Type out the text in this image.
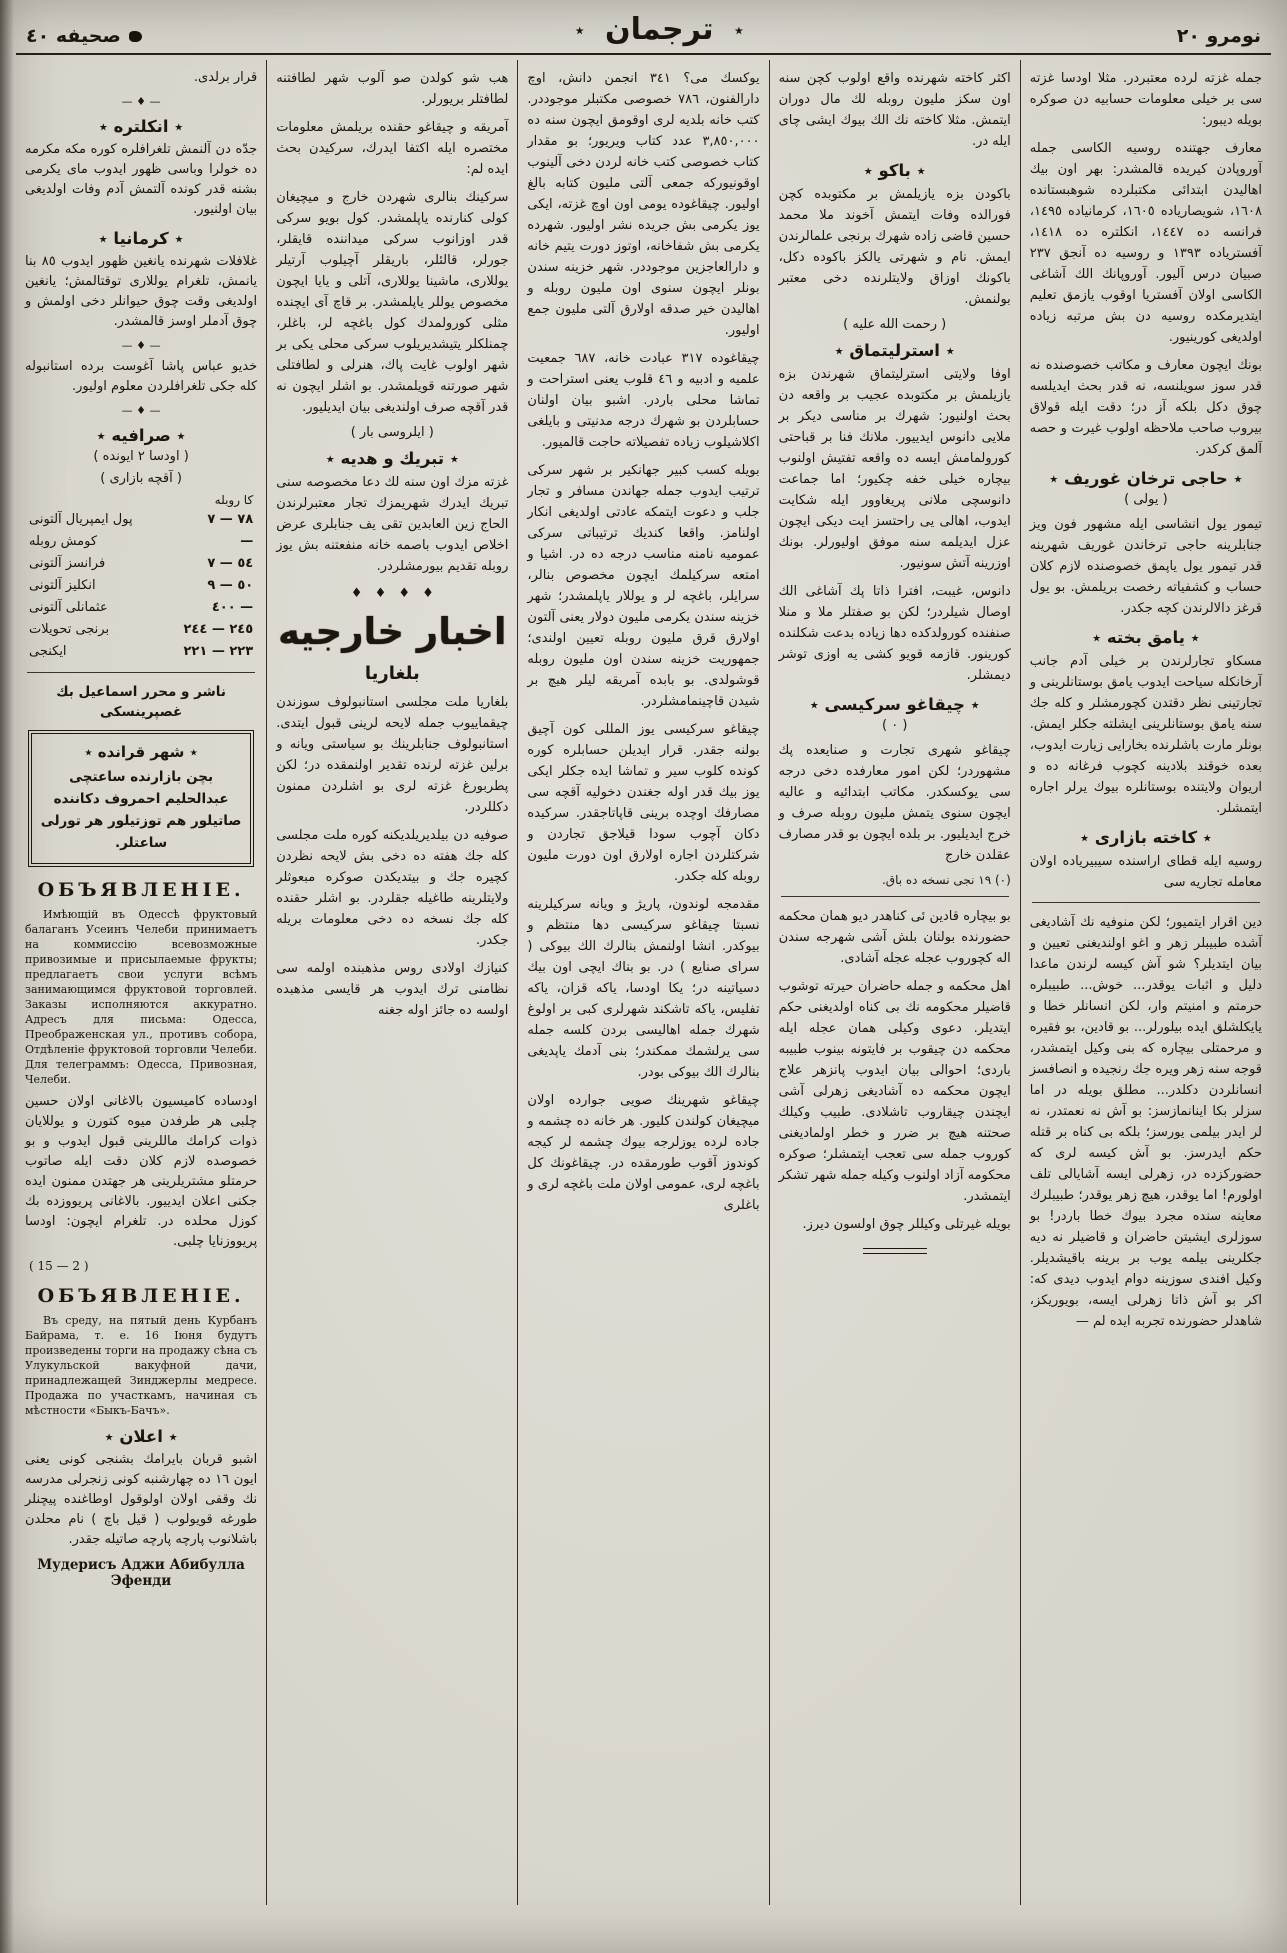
نومرو ٢٠
٭ ترجمان ٭
صحيفه ٤٠

جمله غزته لرده معتبردر. مثلا اودسا غزته سى بر خيلى معلومات حسابيه دن صوكره بويله ديبور:

معارف جهتنده روسيه الكاسى جمله آوروپادن كيريده قالمشدر: بهر اون بيك اهاليدن ابتدائى مكتبلرده شوهبستانده ١٦٠٨، شويصارياده ١٦٠٥، كرمانياده ١٤٩٥، فرانسه ده ١٤٤٧، انكلتره ده ١٤١٨، آفستریاده ١٣٩٣ و روسيه ده آنجق ٢٣٧ صبيان درس آليور. آوروپانك الك آشاغى الكاسى اولان آفستريا اوقوب يازمق تعليم ايتديرمكده روسيه دن بش مرتبه زياده اولديغى كورينيور.

بونك ايچون معارف و مكاتب خصوصنده نه قدر سوز سويلنسه، نه قدر بحث ايديلسه چوق دكل بلكه آز در؛ دقت ايله قولاق بيروب صاحب ملاحظه اولوب غيرت و حصه آلمق كركدر.

٭ حاجى ترخان غوريف ٭
( يولى )

تيمور يول انشاسى ايله مشهور فون ويز جنابلرينه حاجى ترخاندن غوريف شهرينه قدر تيمور يول ياپمق خصوصنده لازم كلان حساب و كشفياته رخصت بريلمش. بو يول قرغز دالالرندن كچه جكدر.

٭ يامق بخته ٭

مسكاو تجارلرندن بر خيلى آدم جانب آرخانكله سياحت ايدوب يامق بوستانلرينى و تجارتينى نظر دقتدن كچورمشلر و كله جك سنه يامق بوستانلرينى ايشلته جكلر ايمش. بونلر مارت باشلرنده بخارايى زيارت ايدوب، بعده خوقند بلادينه كچوب فرغانه ده و اريوان ولايتنده بوستانلره بيوك يرلر اجاره ايتمشلر.

٭ كاخته بازارى ٭

روسيه ايله قطاى اراسنده سيبيرياده اولان معامله تجاريه سى

دين اقرار ايتميور؛ لكن منوفيه نك آشاديغى آشده طبيبلر زهر و اغو اولنديغنى تعيين و بيان ايتديلر؟ شو آش كيسه لرندن ماعدا دليل و اثبات يوقدر... خوش... طبيبلره حرمتم و امنيتم وار، لكن انسانلر خطا و يايكلشلق ايده بيلورلر... بو قادين، بو فقيره و مرحمتلى بيچاره كه بنى وكيل ايتمشدر، قوجه سنه زهر ويره جك رنجيده و انصافسز انسانلردن دكلدر... مطلق بويله در اما سزلر بكا اينانمازسز: بو آش نه نعمتدر، نه لر ايدر بيلمى يورسز؛ بلكه بى كناه بر قتله حكم ايدرسز. بو آش كيسه لرى كه حضوركزده در، زهرلى ايسه آشايالى تلف اولورم! اما يوقدر، هيچ زهر يوقدر؛ طبيبلرك معاينه سنده مجرد بيوك خطا باردر! بو سوزلرى ايشيتن حاضران و قاضيلر نه ديه جكلرينى بيلمه يوب بر برينه باقيشديلر. وكيل افندى سوزينه دوام ايدوب ديدى كه: اكر بو آش ذاتا زهرلى ايسه، بويوريكز، شاهدلر حضورنده تجربه ايده لم —

اكثر كاخته شهرنده واقع اولوب كچن سنه اون سكز مليون روبله لك مال دوران ايتمش. مثلا كاخته نك الك بيوك ايشى چاى ايله در.

٭ باكو ٭

باكودن بزه يازيلمش بر مكتوبده كچن فورالده وفات ايتمش آخوند ملا محمد حسين قاضى زاده شهرك برنجى علمالرندن ايمش. نام و شهرتى يالكز باكوده دكل، باكونك اوزاق ولايتلرنده دخى معتبر بولنمش.

( رحمت الله عليه )
٭ استرليتماق ٭

اوفا ولايتى استرليتماق شهرندن بزه يازيلمش بر مكتوبده عجيب بر واقعه دن بحث اولنيور: شهرك بر مناسى ديكر بر ملايى دانوس ايدييور. ملانك فنا بر قباحتى كورولمامش ايسه ده واقعه تفتيش اولنوب بيچاره خيلى خفه چكيور؛ اما جماعت دانوسچى ملانى پريغاوور ايله شكايت ايدوب، اهالى يى راحتسز ايت ديكى ايچون عزل ايديلمه سنه موفق اوليورلر. بونك اوزرينه آتش سونيور.

دانوس، غيبت، افترا ذاتا پك آشاغى الك اوصال شيلردر؛ لكن بو صفتلر ملا و منلا صنفنده كورولدكده دها زياده بدعت شكلنده كورينور. قازمه قويو كشى يه اوزى توشر ديمشلر.

٭ چيقاغو سركيسى ٭
( ٠ )

چيقاغو شهرى تجارت و صنايعده پك مشهوردر؛ لكن امور معارفده دخى درجه سى يوكسكدر. مكاتب ابتدائيه و عاليه ايچون سنوى يتمش مليون روبله صرف و خرج ايديليور. بر بلده ايچون بو قدر مصارف عقلدن خارج

(٠) ١٩ نجى نسخه ده باق.

بو بيچاره قادين ئى كناهدر ديو همان محكمه حضورنده بولنان بلش آشى شهرجه سندن اله كچوروب عجله عجله آشادى.

اهل محكمه و جمله حاضران حيرته توشوب قاضيلر محكومه نك بى كناه اولديغنى حكم ايتديلر. دعوى وكيلى همان عجله ايله محكمه دن چيقوب بر فايتونه بينوب طبيبه باردى؛ احوالى بيان ايدوب پانزهر علاج ايچون محكمه ده آشاديغى زهرلى آشى ايچندن چيقاروب تاشلادى. طبيب وكيلك صحتنه هيچ بر ضرر و خطر اولماديغنى كوروب جمله سى تعجب ايتمشلر؛ صوكره محكومه آزاد اولنوب وكيله جمله شهر تشكر ايتمشدر.

بويله غيرتلى وكيللر چوق اولسون ديرز.

يوكسك مى؟ ٣٤١ انجمن دانش، اوچ دارالفنون، ٧٨٦ خصوصى مكتبلر موجوددر. كتب خانه بلديه لرى اوقومق ايچون سنه ده ٣,٨٥٠,٠٠٠ عدد كتاب ويريور؛ بو مقدار كتاب خصوصى كتب خانه لردن دخى آلينوب اوقونيوركه جمعى آلتى مليون كتابه بالغ اوليور. چيقاغوده يومى اون اوچ غزته، ايكى يوز يكرمى بش جريده نشر اوليور. شهرده يكرمى بش شفاخانه، اوتوز دورت يتيم خانه و دارالعاجزين موجوددر. شهر خزينه سندن بونلر ايچون سنوى اون مليون روبله و اهاليدن خير صدقه اولارق آلتى مليون جمع اوليور.

چيقاغوده ٣١٧ عبادت خانه، ٦٨٧ جمعيت علميه و ادبيه و ٤٦ قلوب يعنى استراحت و تماشا محلى باردر. اشبو بيان اولنان حسابلردن بو شهرك درجه مدنيتى و بايلغى اكلاشيلوب زياده تفصيلاته حاجت قالميور.

بويله كسب كبير جهانكير بر شهر سركى ترتيب ايدوب جمله جهاندن مسافر و تجار جلب و دعوت ايتمكه عادتى اولديغى انكار اولنامز. واقعا كنديك ترتيباتى سركى عموميه نامنه مناسب درجه ده در. اشيا و امتعه سركيلمك ايچون مخصوص بنالر، سرايلر، باغچه لر و يوللار ياپلمشدر؛ شهر خزينه سندن يكرمى مليون دولار يعنى آلتون اولارق قرق مليون روبله تعيين اولندى؛ جمهوريت خزينه سندن اون مليون روبله قوشولدى. بو بابده آمريقه ليلر هيچ بر شيدن قاچينمامشلردر.

چيقاغو سركيسى يوز المللى كون آچيق بولنه جقدر. قرار ايديلن حسابلره كوره كونده كلوب سير و تماشا ايده جكلر ايكى يوز بيك قدر اوله جغندن دخوليه آقچه سى مصارفك اوچده برينى قاپاتاجقدر. سركيده دكان آچوب سودا قيلاجق تجاردن و شركتلردن اجاره اولارق اون دورت مليون روبله كله جكدر.

مقدمجه لوندون، پاريژ و ويانه سركيلرينه نسبتا چيقاغو سركيسى دها منتظم و بيوكدر. انشا اولنمش بنالرك الك بيوكى ( سراى صنايع ) در. بو بناك ايچى اون بيك دسياتينه در؛ يكا اودسا، ياكه قزان، ياكه تفليس، ياكه تاشكند شهرلرى كبى بر اولوغ شهرك جمله اهاليسى بردن كلسه جمله سى يرلشمك ممكندر؛ بنى آدمك ياپديغى بنالرك الك بيوكى بودر.

چيقاغو شهرينك صويى جوارده اولان ميچيغان كولندن كليور. هر خانه ده چشمه و جاده لرده يوزلرجه بيوك چشمه لر كيجه كوندوز آقوب طورمقده در. چيقاغونك كل باغچه لرى، عمومى اولان ملت باغچه لرى و باغلرى

هب شو كولدن صو آلوب شهر لطافتنه لطافتلر بريورلر.

آمريقه و چيقاغو حقنده بريلمش معلومات مختصره ايله اكتفا ايدرك، سركيدن بحث ايده لم:

سركينك بنالرى شهردن خارج و ميچيغان كولى كنارنده ياپلمشدر. كول بويو سركى قدر اوزانوب سركى ميداننده قايقلر، جورلر، قالئلر، باريقلر آچيلوب آرتيلر يوللارى، ماشينا يوللارى، آتلى و يايا ايچون مخصوص يوللر ياپلمشدر. بر قاچ آى ايچنده مثلى كورولمدك كول باغچه لر، باغلر، چمنلكلر يتيشديريلوب سركى محلى يكى بر شهر اولوب غايت پاك، هنرلى و لطافتلى شهر صورتنه قويلمشدر. بو اشلر ايچون نه قدر آقچه صرف اولنديغى بيان ايديليور.

( ايلروسى بار )
٭ تبريك و هديه ٭

غزته مزك اون سنه لك دعا مخصوصه سنى تبريك ايدرك شهريمزك تجار معتبرلرندن الحاج زين العابدين تقى يف جنابلرى عرض اخلاص ايدوب باصمه خانه منفعتنه بش يوز روبله تقديم بيورمشلردر.

♦ ♦ ♦ ♦
اخبار خارجيه
بلغاريا

بلغاريا ملت مجلسى استانبولوف سوزندن چيقماييوب جمله لايحه لرينى قبول ايتدى. استانبولوف جنابلرينك بو سياستى ويانه و برلين غزته لرنده تقدير اولنمقده در؛ لكن پطربورغ غزته لرى بو اشلردن ممنون دكللردر.

صوفيه دن بيلديريلديكنه كوره ملت مجلسى كله جك هفته ده دخى بش لايحه نظردن كچيره جك و بيتديكدن صوكره مبعوثلر ولايتلرينه طاغيله جقلردر. بو اشلر حقنده كله جك نسخه ده دخى معلومات بريله جكدر.

كنيازك اولادى روس مذهبنده اولمه سى نظامنى ترك ايدوب هر قايسى مذهبده اولسه ده جائز اوله جغنه

قرار برلدى.

— ♦ —
٭ انكلتره ٭

جدّه دن آلنمش تلغرافلره كوره مكه مكرمه ده خولرا وباسى ظهور ايدوب ماى يكرمى بشنه قدر كونده آلتمش آدم وفات اولديغى بيان اولنيور.

٭ كرمانيا ٭

غلافلات شهرنده يانغين ظهور ايدوب ٨٥ بنا يانمش، تلغرام يوللارى توقتالمش؛ يانغين اولديغى وقت چوق حيوانلر دخى اولمش و چوق آدملر اوسز قالمشدر.

— ♦ —

خديو عباس پاشا آغوست برده استانبوله كله جكى تلغرافلردن معلوم اوليور.

— ♦ —
٭ صرافيه ٭
( اودسا ٢ ايونده )
( آقچه بازارى )
كا روبله
٧٨ — ٧
پول ايمپريال آلتونى
—
كومش روبله
٥٤ — ٧
فرانسز آلتونى
٥٠ — ٩
انكليز آلتونى
— ٤٠٠
عثمانلى آلتونى
٢٤٥ — ٢٤٤
برنجى تحويلات
٢٢٣ — ٢٢١
ايكنجى
ناشر و محرر اسماعيل بك غصپرينسكى
٭ شهر قرانده ٭
بچن بازارنده ساعتچى عبدالحليم احمروف دكاننده صاتيلور هم توزتيلور هر تورلى ساعتلر.
ОБЪЯВЛЕНІЕ.

Имѣющій въ Одессѣ фруктовый балаганъ Усеинъ Челеби принимаетъ на коммиссію всевозможные привозимые и присылаемые фрукты; предлагаетъ свои услуги всѣмъ занимающимся фруктовой торговлей. Заказы исполняются аккуратно. Адресъ для письма: Одесса, Преображенская ул., противъ собора, Отдѣленіе фруктовой торговли Челеби. Для телеграммъ: Одесса, Привозная, Челеби.

اودساده كاميسيون بالاغانى اولان حسين چلبى هر طرفدن ميوه كتورن و يوللايان ذوات كرامك ماللرينى قبول ايدوب و بو خصوصده لازم كلان دقت ايله صاتوب حرمتلو مشتريلرينى هر جهتدن ممنون ايده جكنى اعلان ايدييور. بالاغانى پريووزده بك كوزل محلده در. تلغرام ايچون: اودسا پريووزنايا چلبى.

( 15 — 2 )
ОБЪЯВЛЕНІЕ.

Въ среду, на пятый день Курбанъ Байрама, т. е. 16 Іюня будутъ произведены торги на продажу сѣна съ Улукульской вакуфной дачи, принадлежащей Зинджерлы медресе. Продажа по участкамъ, начиная съ мѣстности «Быкъ-Бачъ».

٭ اعلان ٭

اشبو قربان بايرامك بشنجى كونى يعنى ايون ١٦ ده چهارشنبه كونى زنجرلى مدرسه نك وقفى اولان اولوقول اوطاغنده پيچنلر طورغه قويولوب ( قيل باچ ) نام محلدن باشلانوب پارچه پارچه صاتيله جقدر.

Мудерисъ Аджи Абибулла Эфенди
